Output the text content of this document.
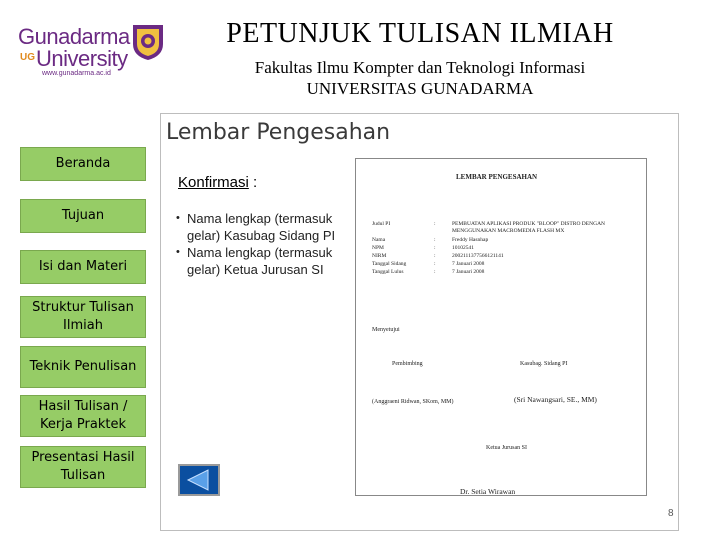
Gunadarma
UG University
www.gunadarma.ac.id
PETUNJUK TULISAN ILMIAH
Fakultas Ilmu Kompter dan Teknologi Informasi
UNIVERSITAS GUNADARMA
Beranda
Tujuan
Isi dan Materi
Struktur Tulisan Ilmiah
Teknik Penulisan
Hasil Tulisan / Kerja Praktek
Presentasi Hasil Tulisan
Lembar Pengesahan
Konfirmasi :
• Nama lengkap (termasuk gelar) Kasubag Sidang PI
• Nama lengkap (termasuk gelar) Ketua Jurusan SI
LEMBAR PENGESAHAN
Judul PI	:	PEMBUATAN APLIKASI PRODUK "BLOOP" DISTRO DENGAN MENGGUNAKAN MACROMEDIA FLASH MX
Nama	:	Freddy Hasnhap
NPM	:	10102541
NIRM	:	2002111377566121141
Tanggal Sidang	:	7 Januari 2008
Tanggal Lulus	:	7 Januari 2008
Menyetujui
Pembimbing	Kasubag. Sidang PI
(Anggraeni Ridwan, SKom, MM)	(Sri Nawangsari, SE., MM)
Ketua Jurusan SI
Dr. Setia Wirawan
8
